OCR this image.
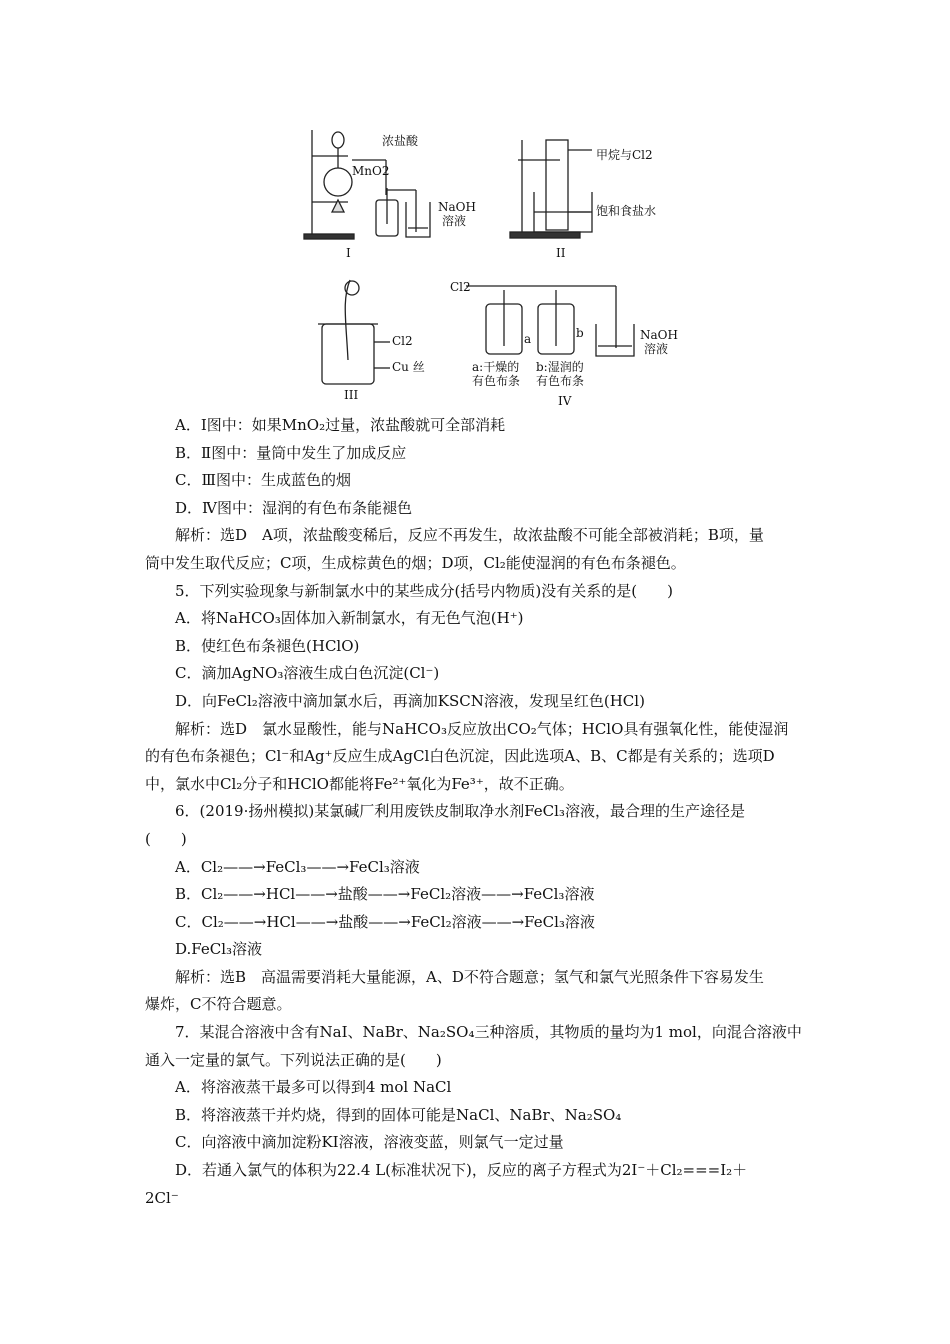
浓盐酸
MnO2
NaOH
溶液
I
甲烷与Cl2
饱和食盐水
II
Cl2
Cu 丝
III
Cl2
a	b
a:干燥的
有色布条
b:湿润的
有色布条
NaOH
溶液
IV
A．Ⅰ图中：如果MnO₂过量，浓盐酸就可全部消耗
B．Ⅱ图中：量筒中发生了加成反应
C．Ⅲ图中：生成蓝色的烟
D．Ⅳ图中：湿润的有色布条能褪色
解析：选D　A项，浓盐酸变稀后，反应不再发生，故浓盐酸不可能全部被消耗；B项，量
筒中发生取代反应；C项，生成棕黄色的烟；D项，Cl₂能使湿润的有色布条褪色。
5．下列实验现象与新制氯水中的某些成分(括号内物质)没有关系的是(　　)
A．将NaHCO₃固体加入新制氯水，有无色气泡(H⁺)
B．使红色布条褪色(HClO)
C．滴加AgNO₃溶液生成白色沉淀(Cl⁻)
D．向FeCl₂溶液中滴加氯水后，再滴加KSCN溶液，发现呈红色(HCl)
解析：选D　氯水显酸性，能与NaHCO₃反应放出CO₂气体；HClO具有强氧化性，能使湿润
的有色布条褪色；Cl⁻和Ag⁺反应生成AgCl白色沉淀，因此选项A、B、C都是有关系的；选项D
中，氯水中Cl₂分子和HClO都能将Fe²⁺氧化为Fe³⁺，故不正确。
6．(2019·扬州模拟)某氯碱厂利用废铁皮制取净水剂FeCl₃溶液，最合理的生产途径是
(　　)
A．Cl₂——→FeCl₃——→FeCl₃溶液
B．Cl₂——→HCl——→盐酸——→FeCl₂溶液——→FeCl₃溶液
C．Cl₂——→HCl——→盐酸——→FeCl₂溶液——→FeCl₃溶液
D.FeCl₃溶液
解析：选B　高温需要消耗大量能源，A、D不符合题意；氢气和氯气光照条件下容易发生
爆炸，C不符合题意。
7．某混合溶液中含有NaI、NaBr、Na₂SO₄三种溶质，其物质的量均为1 mol，向混合溶液中
通入一定量的氯气。下列说法正确的是(　　)
A．将溶液蒸干最多可以得到4 mol NaCl
B．将溶液蒸干并灼烧，得到的固体可能是NaCl、NaBr、Na₂SO₄
C．向溶液中滴加淀粉KI溶液，溶液变蓝，则氯气一定过量
D．若通入氯气的体积为22.4 L(标准状况下)，反应的离子方程式为2I⁻＋Cl₂===I₂＋
2Cl⁻
